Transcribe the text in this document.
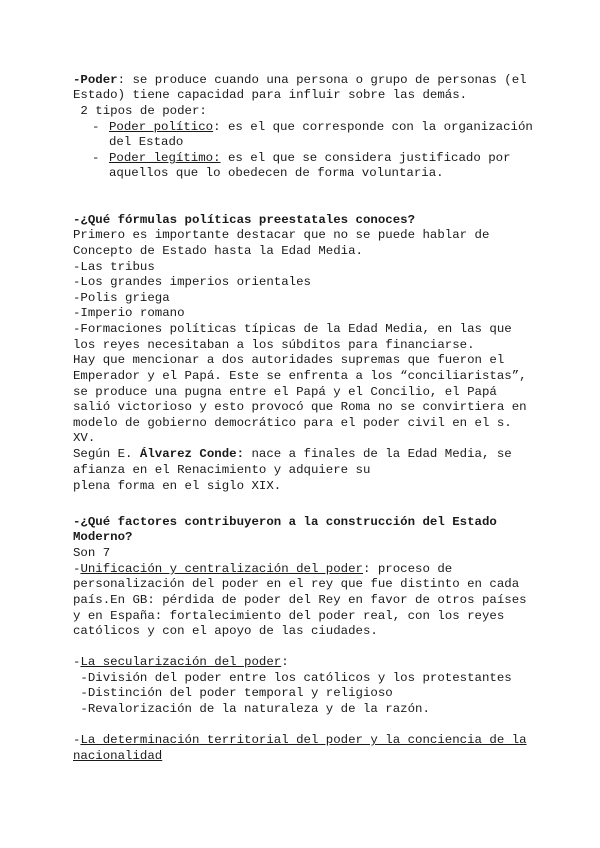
-Poder: se produce cuando una persona o grupo de personas (el
Estado) tiene capacidad para influir sobre las demás.
2 tipos de poder:
- Poder político: es el que corresponde con la organización
del Estado
- Poder legítimo: es el que se considera justificado por
aquellos que lo obedecen de forma voluntaria.
-¿Qué fórmulas políticas preestatales conoces?
Primero es importante destacar que no se puede hablar de
Concepto de Estado hasta la Edad Media.
-Las tribus
-Los grandes imperios orientales
-Polis griega
-Imperio romano
-Formaciones políticas típicas de la Edad Media, en las que
los reyes necesitaban a los súbditos para financiarse.
Hay que mencionar a dos autoridades supremas que fueron el
Emperador y el Papá. Este se enfrenta a los “conciliaristas”,
se produce una pugna entre el Papá y el Concilio, el Papá
salió victorioso y esto provocó que Roma no se convirtiera en
modelo de gobierno democrático para el poder civil en el s.
XV.
Según E. Álvarez Conde: nace a finales de la Edad Media, se
afianza en el Renacimiento y adquiere su
plena forma en el siglo XIX.
-¿Qué factores contribuyeron a la construcción del Estado
Moderno?
Son 7
-Unificación y centralización del poder: proceso de
personalización del poder en el rey que fue distinto en cada
país.En GB: pérdida de poder del Rey en favor de otros países
y en España: fortalecimiento del poder real, con los reyes
católicos y con el apoyo de las ciudades.
-La secularización del poder:
-División del poder entre los católicos y los protestantes
-Distinción del poder temporal y religioso
-Revalorización de la naturaleza y de la razón.
-La determinación territorial del poder y la conciencia de la
nacionalidad
